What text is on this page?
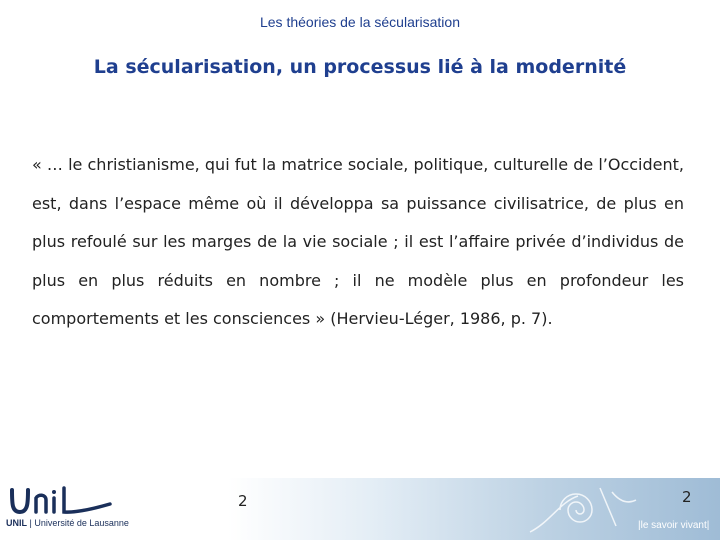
Les théories de la sécularisation
La sécularisation, un processus lié à la modernité
« … le christianisme, qui fut la matrice sociale, politique, culturelle de l’Occident, est, dans l’espace même où il développa sa puissance civilisatrice, de plus en plus refoulé sur les marges de la vie sociale ; il est l’affaire privée d’individus de plus en plus réduits en nombre ; il ne modèle plus en profondeur les comportements et les consciences » (Hervieu-Léger, 1986, p. 7).
UNIL | Université de Lausanne
2	2
|le savoir vivant|
